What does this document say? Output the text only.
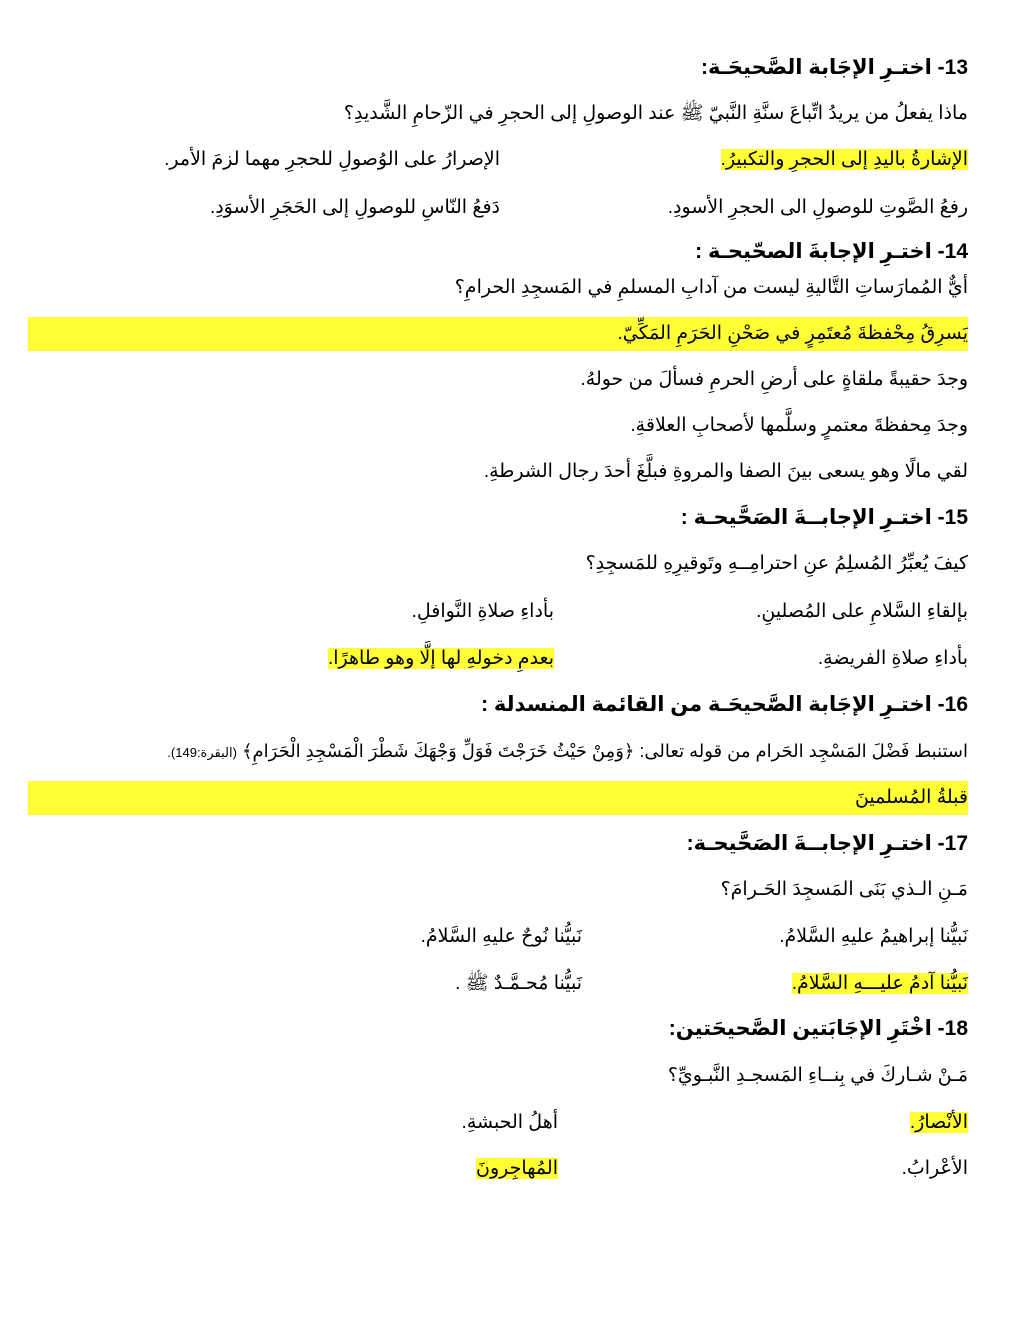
13- اختـرِ الإجَابة الصَّحيحَـة:
ماذا يفعلُ من يريدُ اتِّباعَ سنَّةِ النَّبيّ ﷺ عند الوصولِ إلى الحجرِ في الزّحامِ الشَّديدِ؟
الإشارةُ باليدِ إلى الحجرِ والتكبيرُ.
الإصرارُ على الوُصولِ للحجرِ مهما لزمَ الأمر.
رفعُ الصَّوتِ للوصولِ الى الحجرِ الأسودِ.
دَفعُ النّاسِ للوصولِ إلى الحَجَرِ الأسوَدِ.
14- اختـرِ الإجابةَ الصحّيحـة :
أيٌّ المُمارَساتِ التَّاليةِ ليست من آدابِ المسلمِ في المَسجِدِ الحرامِ؟
يَسرِقُ مِحْفظةَ مُعتَمِرٍ في صَحْنِ الحَرَمِ المَكِّيّ.
وجدَ حقيبةً ملقاةٍ على أرضِ الحرمِ فسألَ من حولهُ.
وجدَ مِحفظةَ معتمرٍ وسلَّمها لأصحابِ العلاقةِ.
لقي مالًا وهو يسعى بينَ الصفا والمروةِ فبلَّغَ أحدَ رجال الشرطةِ.
15- اختـرِ الإجابــةَ الصَحَّيحـة :
كيفَ يُعبِّرُ المُسلِمُ عنِ احترامِــهِ وتَوقيرِهِ للمَسجِدِ؟
بإلقاءِ السَّلامِ على المُصلينِ.
بأداءِ صلاةِ النَّوافلِ.
بأداءِ صلاةِ الفريضةِ.
بعدمِ دخولهِ لها إلَّا وهو طاهرًا.
16- اختـرِ الإجَابة الصَّحيحَـة من القائمة المنسدلة :
استنبط فَضْلَ المَسْجِد الحَرام من قوله تعالى: ﴿وَمِنْ حَيْثُ خَرَجْتَ فَوَلِّ وَجْهَكَ شَطْرَ الْمَسْجِدِ الْحَرَامِ﴾ (البقرة:149).
قبلةُ المُسلمينَ
17- اختـرِ الإجابــةَ الصَحَّيحـة:
مَـنِ الـذي بَنَى المَسجِدَ الحَـرامَ؟
نَبيُّنا إبراهيمُ عليهِ السَّلامُ.
نَبيُّنا نُوحٌ عليهِ السَّلامُ.
نَبيُّنا آدمُ عليـــهِ السَّلامُ.
نَبيُّنا مُحـمَّـدٌ ﷺ .
18- اخْتَرِ الإجَابَتين الصَّحيحَتين:
مَـنْ شـاركَ في بِنــاءِ المَسجـدِ النَّبـويِّ؟
الأنْصارُ.
أهلُ الحبشةِ.
الأعْرابُ.
المُهاجِرونَ
